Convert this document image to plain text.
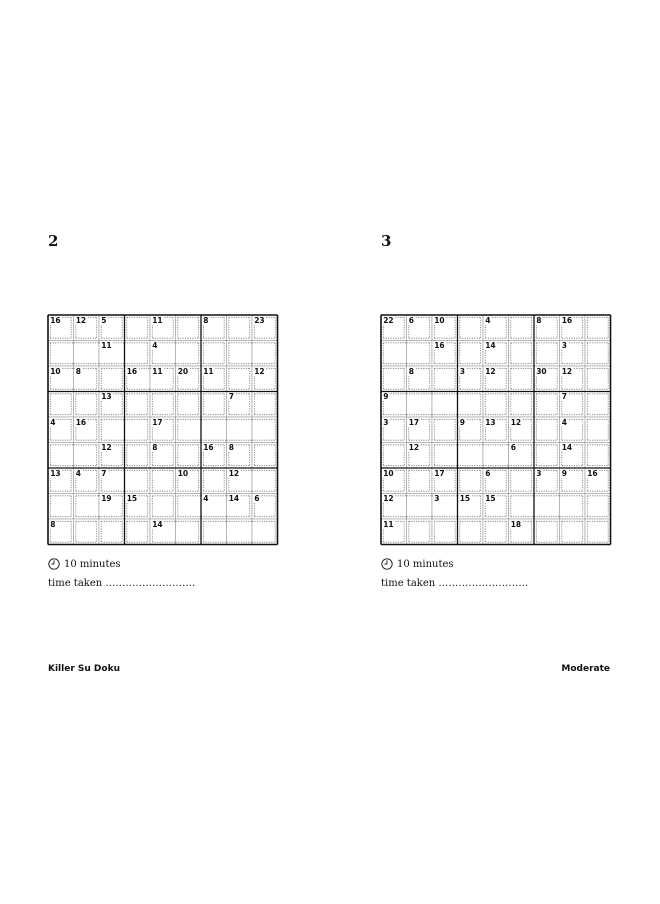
2
16 12 5	11	8	23
11	4
10 8	16 11 20 11	12
13	7
4	16	17
12	8	16 8
13 4	7	10	12
19 15	4	14 6
8	14
10 minutes
time taken ………………………
3
22 6	10	4	8	16
16	14	3
8	3	12	30 12
9	7
3	17	9	13 12	4
12	6	14
10	17	6	3	9	16
12	3	15 15
11	18
10 minutes
time taken ………………………
Killer Su Doku	Moderate
